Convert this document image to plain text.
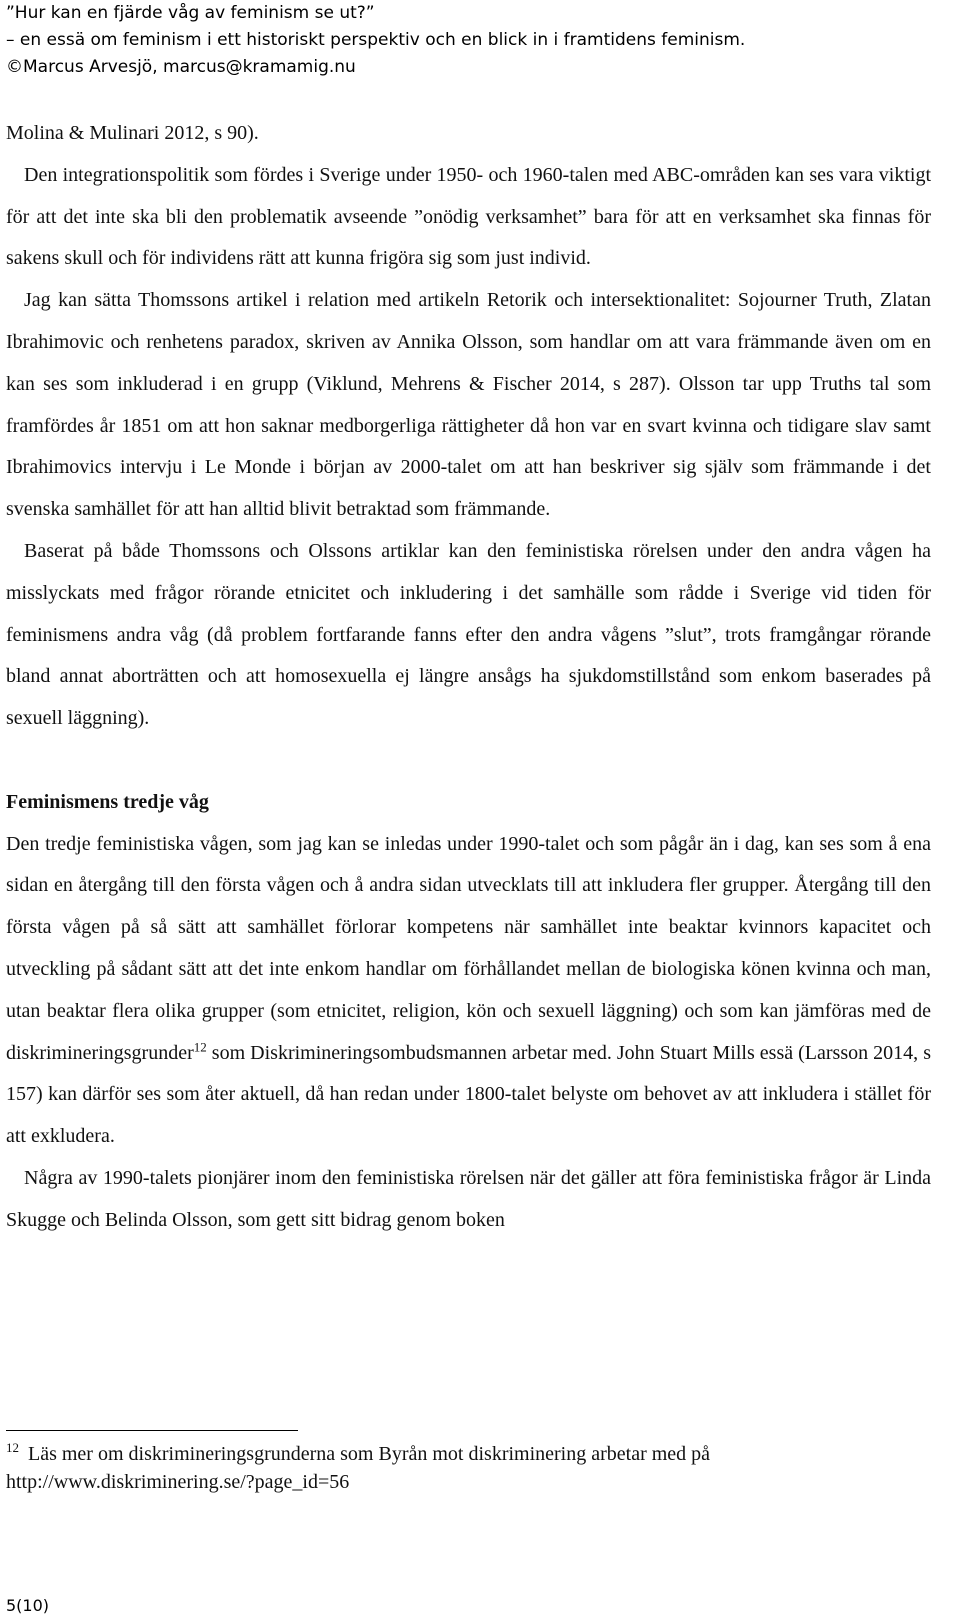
”Hur kan en fjärde våg av feminism se ut?”
– en essä om feminism i ett historiskt perspektiv och en blick in i framtidens feminism.
©Marcus Arvesjö, marcus@kramamig.nu

Molina & Mulinari 2012, s 90).

Den integrationspolitik som fördes i Sverige under 1950- och 1960-talen med ABC-områden kan ses vara viktigt för att det inte ska bli den problematik avseende ”onödig verksamhet” bara för att en verksamhet ska finnas för sakens skull och för individens rätt att kunna frigöra sig som just individ.

Jag kan sätta Thomssons artikel i relation med artikeln Retorik och intersektionalitet: Sojourner Truth, Zlatan Ibrahimovic och renhetens paradox, skriven av Annika Olsson, som handlar om att vara främmande även om en kan ses som inkluderad i en grupp (Viklund, Mehrens & Fischer 2014, s 287). Olsson tar upp Truths tal som framfördes år 1851 om att hon saknar medborgerliga rättigheter då hon var en svart kvinna och tidigare slav samt Ibrahimovics intervju i Le Monde i början av 2000-talet om att han beskriver sig själv som främmande i det svenska samhället för att han alltid blivit betraktad som främmande.

Baserat på både Thomssons och Olssons artiklar kan den feministiska rörelsen under den andra vågen ha misslyckats med frågor rörande etnicitet och inkludering i det samhälle som rådde i Sverige vid tiden för feminismens andra våg (då problem fortfarande fanns efter den andra vågens ”slut”, trots framgångar rörande bland annat aborträtten och att homosexuella ej längre ansågs ha sjukdomstillstånd som enkom baserades på sexuell läggning).

Feminismens tredje våg

Den tredje feministiska vågen, som jag kan se inledas under 1990-talet och som pågår än i dag, kan ses som å ena sidan en återgång till den första vågen och å andra sidan utvecklats till att inkludera fler grupper. Återgång till den första vågen på så sätt att samhället förlorar kompetens när samhället inte beaktar kvinnors kapacitet och utveckling på sådant sätt att det inte enkom handlar om förhållandet mellan de biologiska könen kvinna och man, utan beaktar flera olika grupper (som etnicitet, religion, kön och sexuell läggning) och som kan jämföras med de diskrimineringsgrunder$^{12}$ som Diskrimineringsombudsmannen arbetar med. John Stuart Mills essä (Larsson 2014, s 157) kan därför ses som åter aktuell, då han redan under 1800-talet belyste om behovet av att inkludera i stället för att exkludera.

Några av 1990-talets pionjärer inom den feministiska rörelsen när det gäller att föra feministiska frågor är Linda Skugge och Belinda Olsson, som gett sitt bidrag genom boken

$^{12}$ Läs mer om diskrimineringsgrunderna som Byrån mot diskriminering arbetar med på http://www.diskriminering.se/?page_id=56
5(10)
